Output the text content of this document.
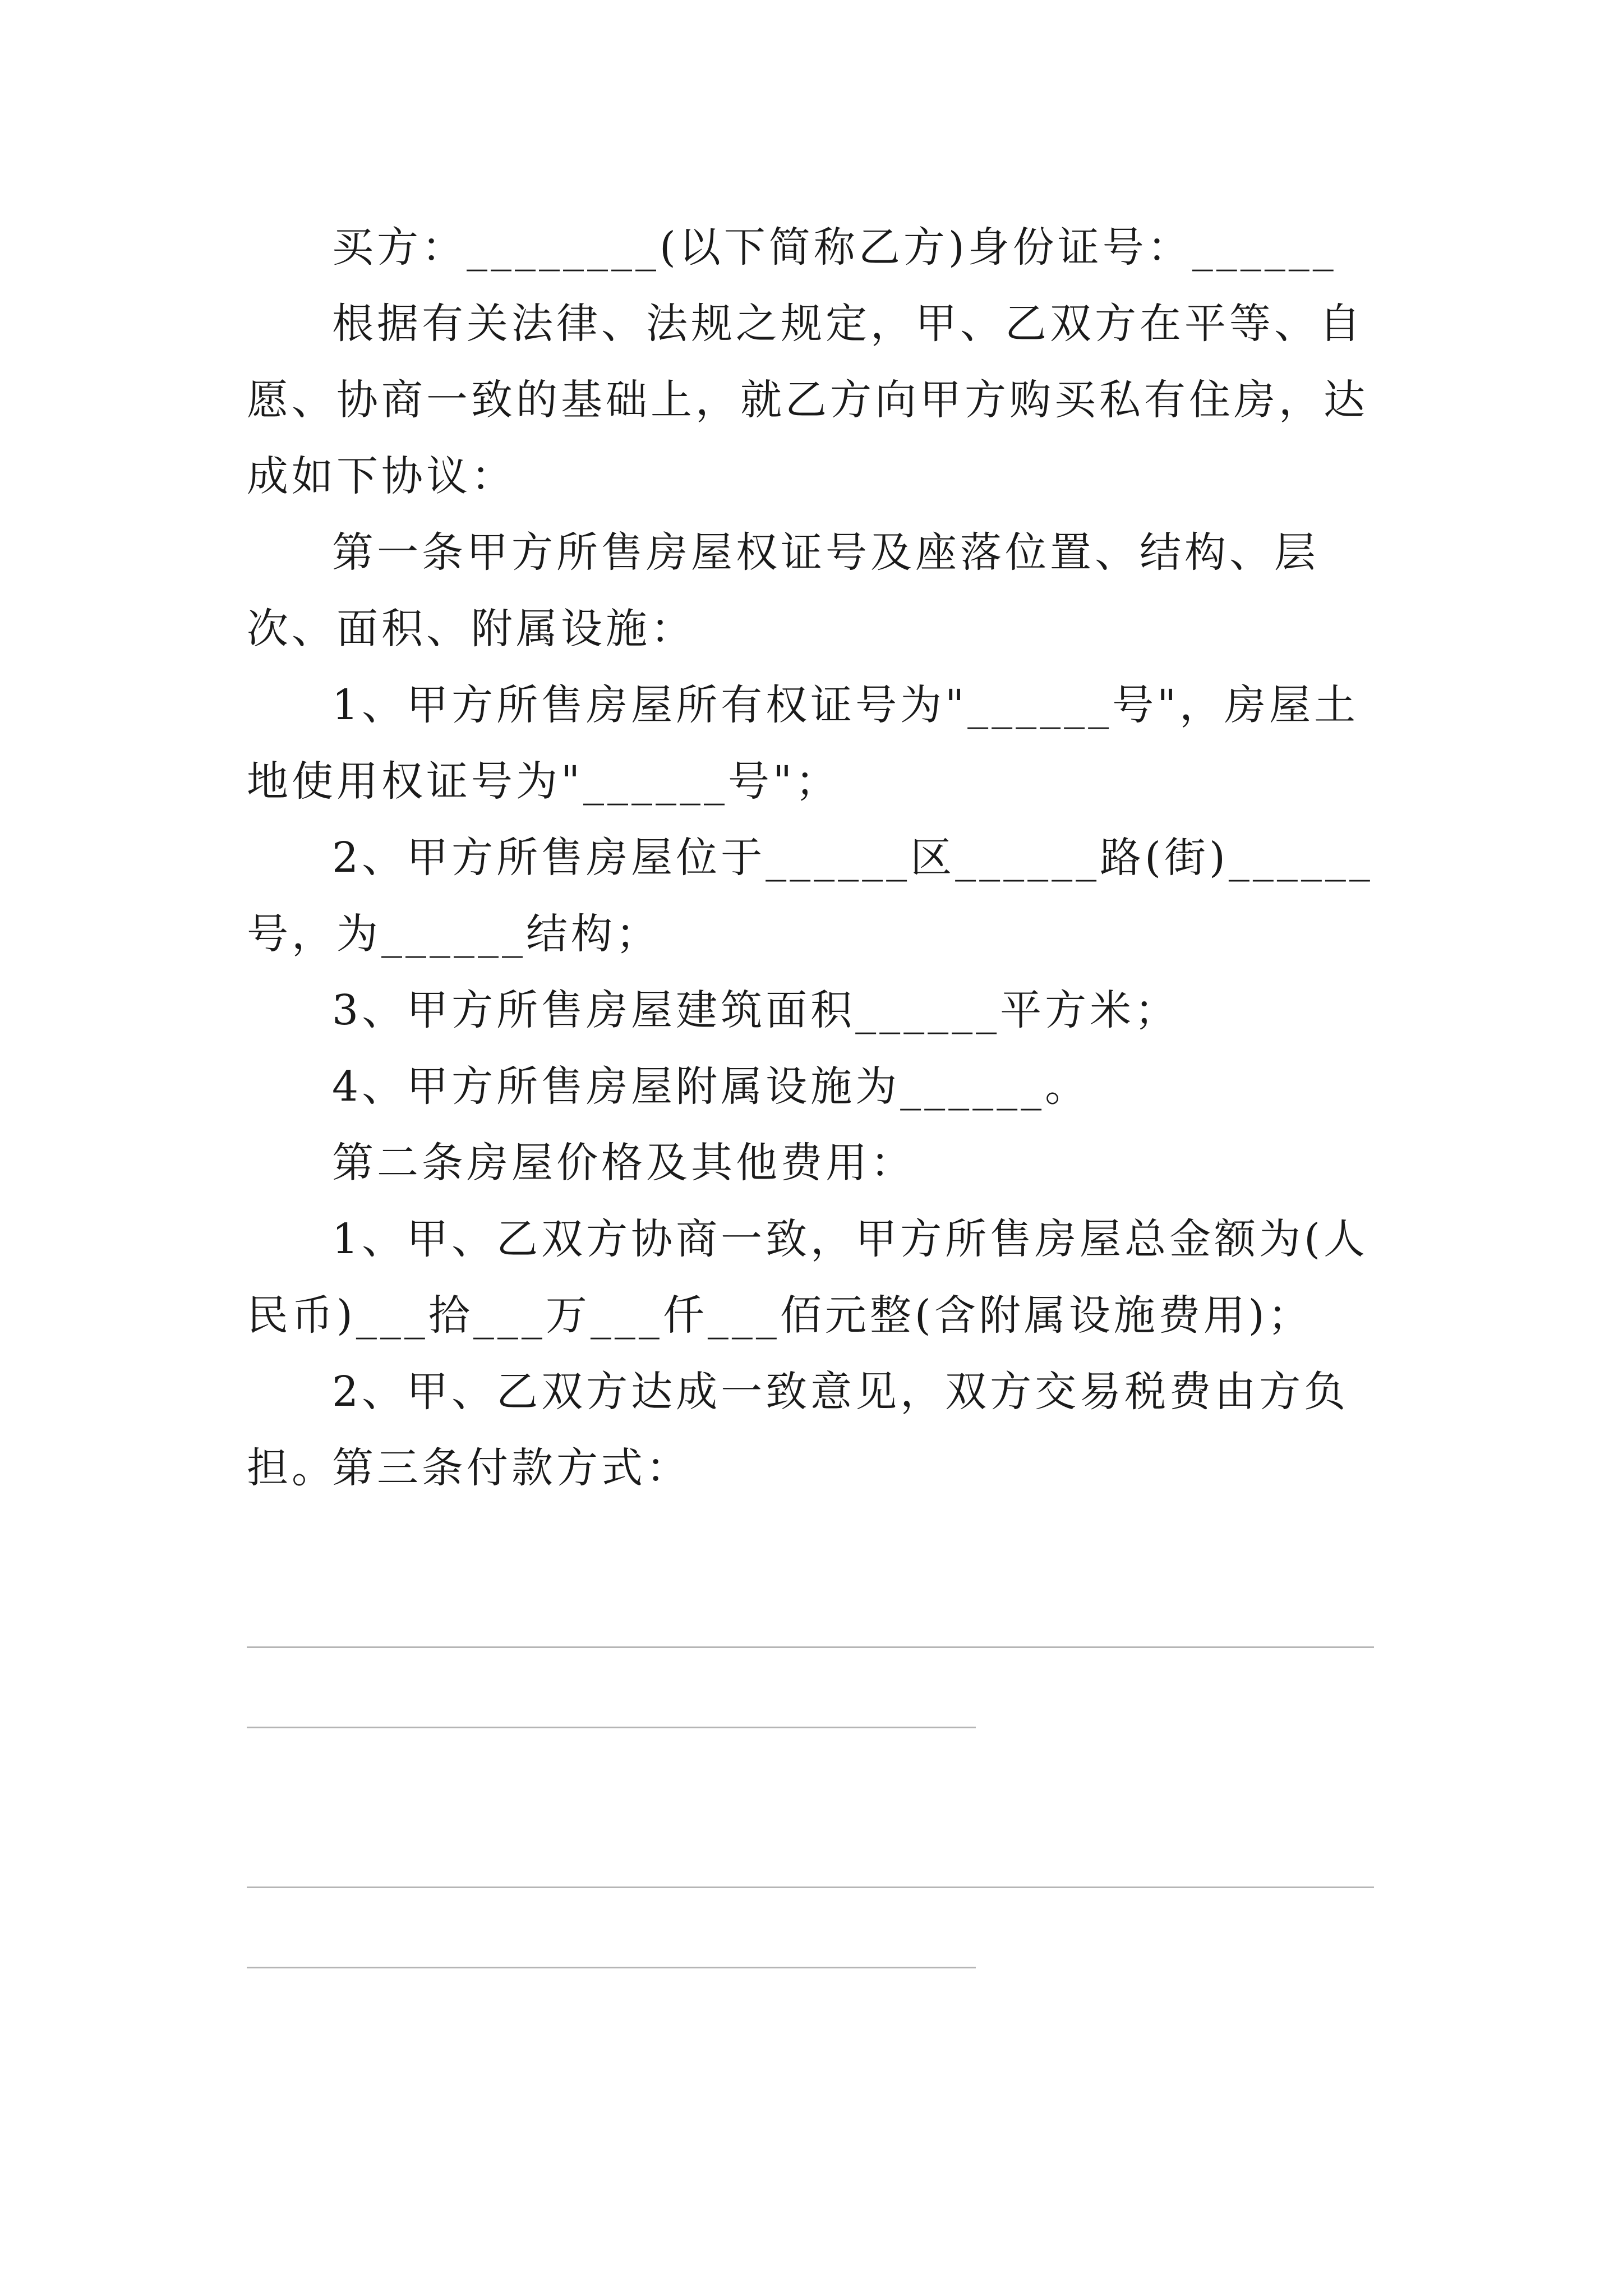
买方：________(以下简称乙方)身份证号：______

根据有关法律、法规之规定，甲、乙双方在平等、自愿、协商一致的基础上，就乙方向甲方购买私有住房，达成如下协议：

第一条甲方所售房屋权证号及座落位置、结构、层次、面积、附属设施：

1、甲方所售房屋所有权证号为"______号"，房屋土地使用权证号为"______号"；

2、甲方所售房屋位于______区______路(街)______号，为______结构；

3、甲方所售房屋建筑面积______平方米；

4、甲方所售房屋附属设施为______。

第二条房屋价格及其他费用：

1、甲、乙双方协商一致，甲方所售房屋总金额为(人民币)___拾___万___仟___佰元整(含附属设施费用)；

2、甲、乙双方达成一致意见，双方交易税费由方负担。

第三条付款方式：
